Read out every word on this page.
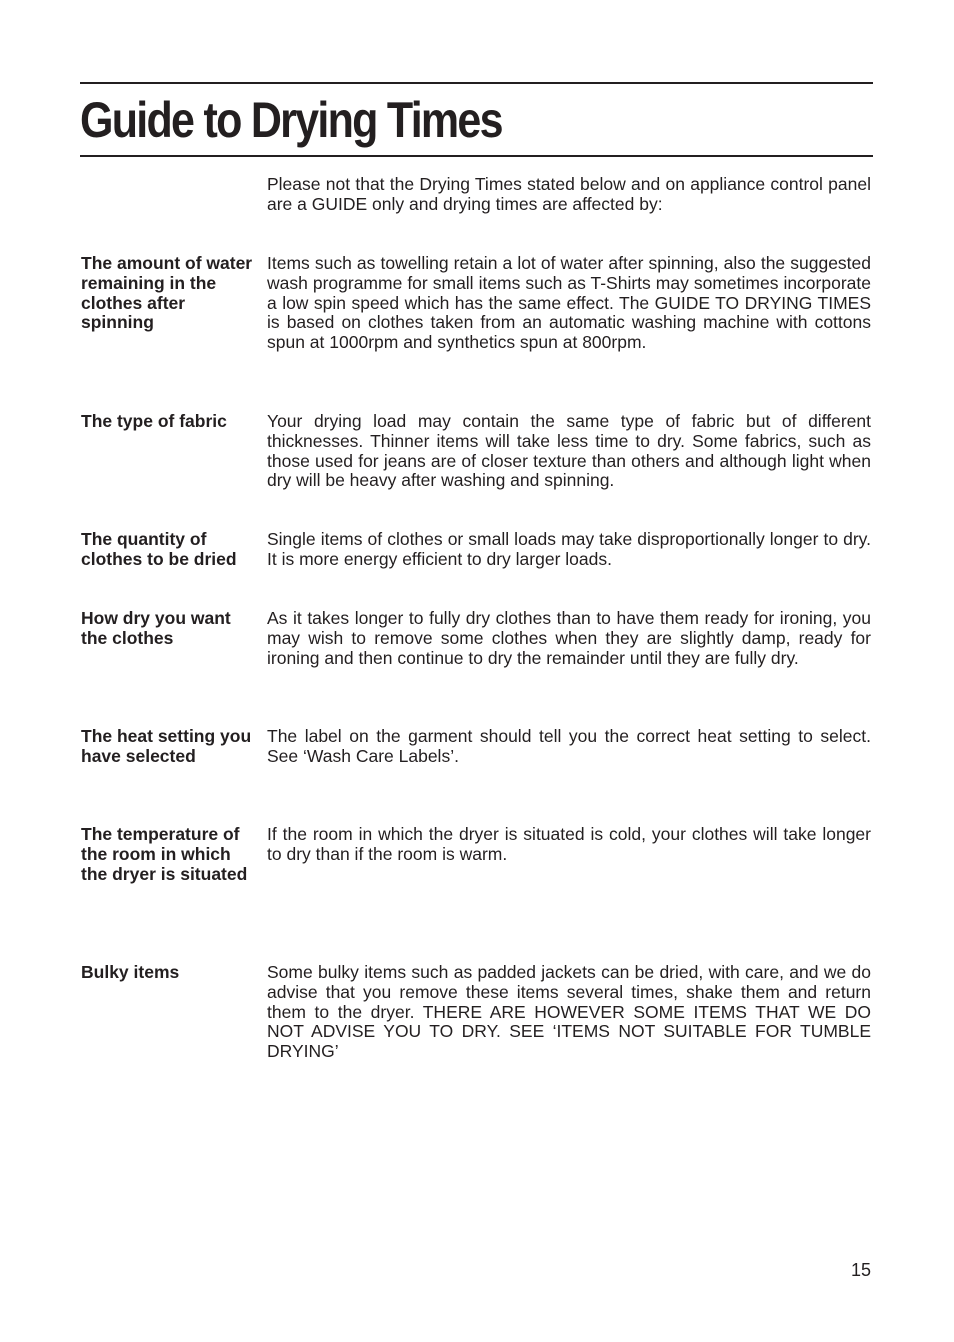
Guide to Drying Times

Please not that the Drying Times stated below and on appliance control panel are a GUIDE only and drying times are affected by:

The amount of water remaining in the clothes after spinning

Items such as towelling retain a lot of water after spinning, also the suggested wash programme for small items such as T-Shirts may sometimes incorporate a low spin speed which has the same effect. The GUIDE TO DRYING TIMES is based on clothes taken from an automatic washing machine with cottons spun at 1000rpm and synthetics spun at 800rpm.

The type of fabric	Your drying load may contain the same type of fabric but of different thicknesses. Thinner items will take less time to dry. Some fabrics, such as those used for jeans are of closer texture than others and although light when dry will be heavy after washing and spinning.

The quantity of clothes to be dried

Single items of clothes or small loads may take disproportionally longer to dry. It is more energy efficient to dry larger loads.

How dry you want the clothes

As it takes longer to fully dry clothes than to have them ready for ironing, you may wish to remove some clothes when they are slightly damp, ready for ironing and then continue to dry the remainder until they are fully dry.

The heat setting you have selected

The label on the garment should tell you the correct heat setting to select. See ‘Wash Care Labels’.

The temperature of the room in which the dryer is situated

If the room in which the dryer is situated is cold, your clothes will take longer to dry than if the room is warm.

Bulky items	Some bulky items such as padded jackets can be dried, with care, and we do advise that you remove these items several times, shake them and return them to the dryer. THERE ARE HOWEVER SOME ITEMS THAT WE DO NOT ADVISE YOU TO DRY. SEE ‘ITEMS NOT SUITABLE FOR TUMBLE DRYING’

15
